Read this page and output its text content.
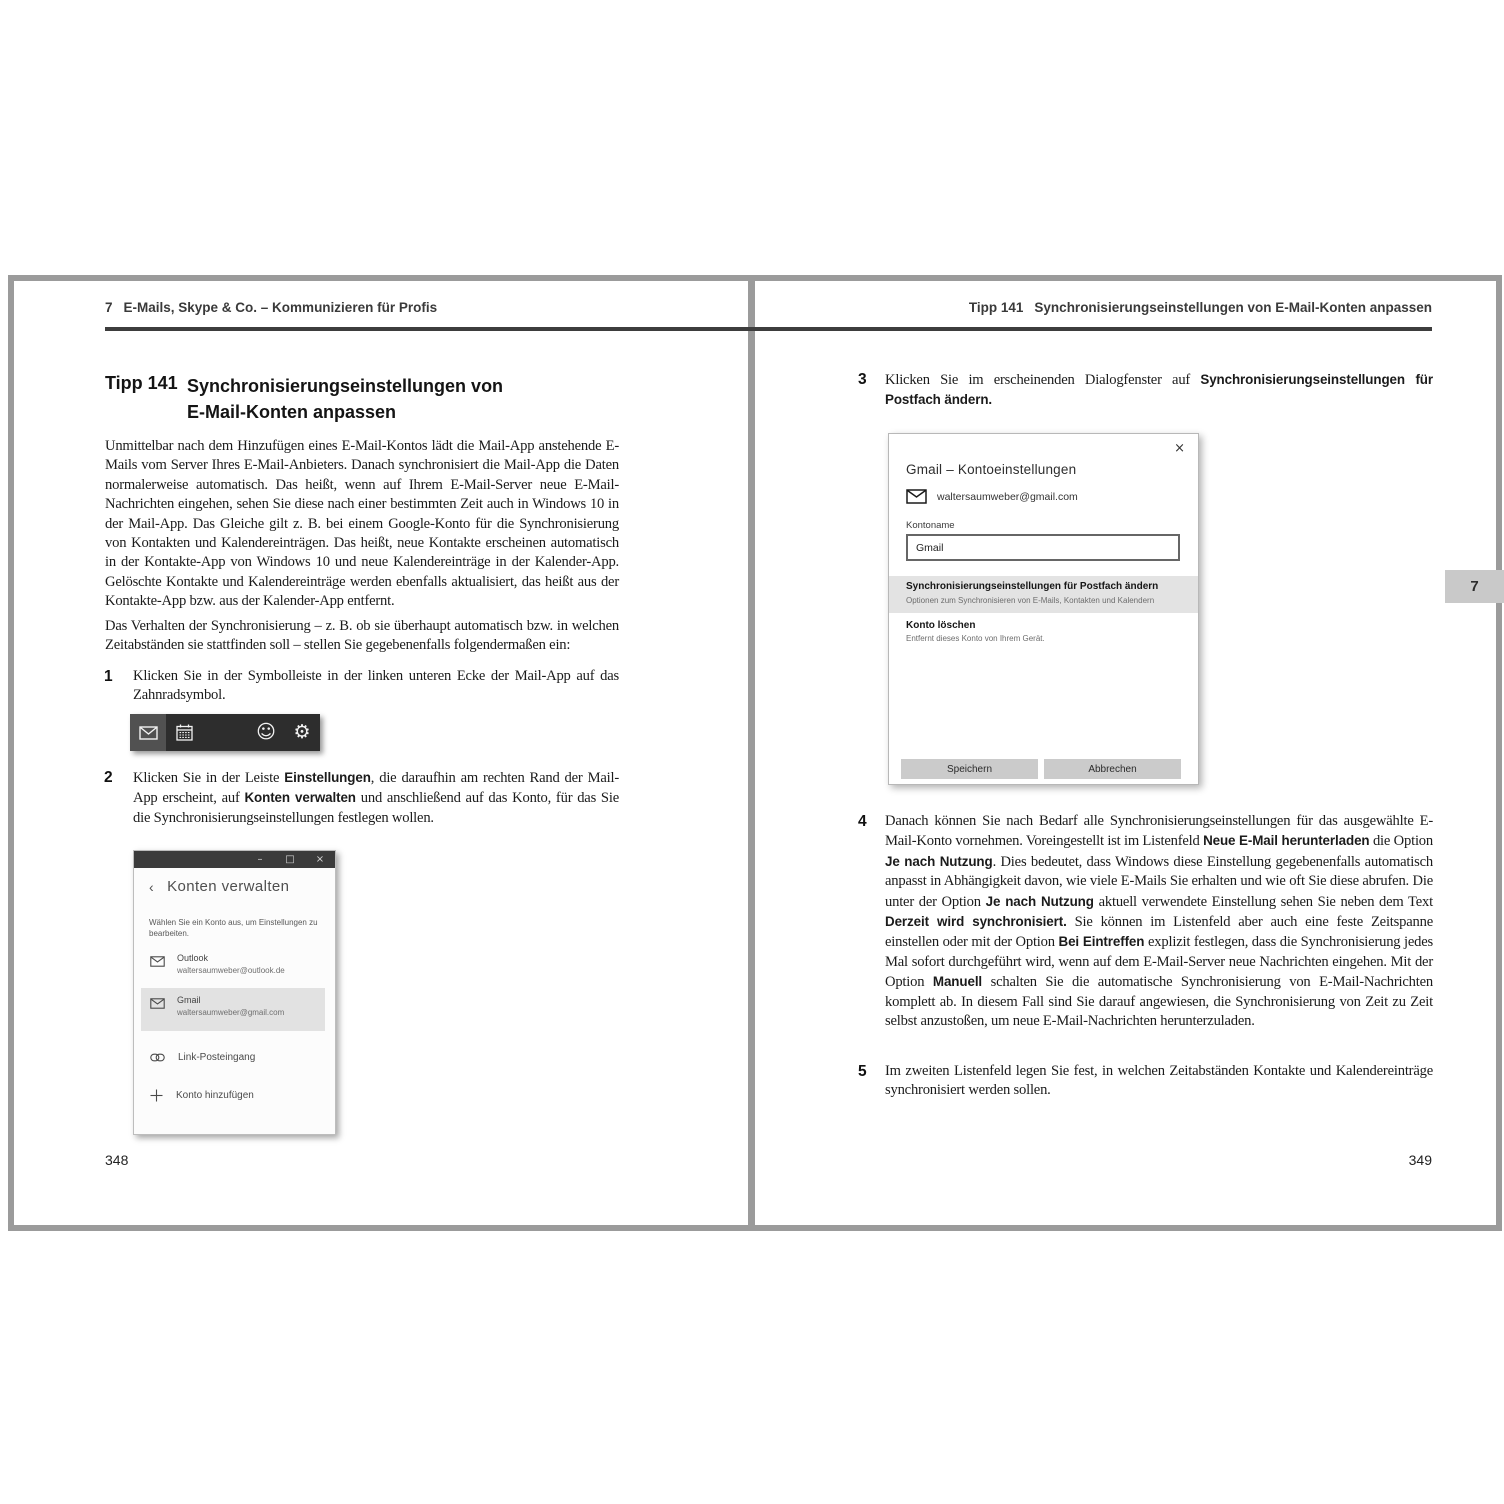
7
7 E-Mails, Skype & Co. – Kommunizieren für Profis
Tipp 141 Synchronisierungseinstellungen von
E-Mail-Konten anpassen
Unmittelbar nach dem Hinzufügen eines E-Mail-Kontos lädt die Mail-App anstehende E-Mails vom Server Ihres E-Mail-Anbieters. Danach synchronisiert die Mail-App die Daten normalerweise automatisch. Das heißt, wenn auf Ihrem E-Mail-Server neue E-Mail-Nachrichten eingehen, sehen Sie diese nach einer bestimmten Zeit auch in Windows 10 in der Mail-App. Das Gleiche gilt z. B. bei einem Google-Konto für die Synchronisierung von Kontakten und Kalendereinträgen. Das heißt, neue Kontakte erscheinen automatisch in der Kontakte-App von Windows 10 und neue Kalendereinträge in der Kalender-App. Gelöschte Kontakte und Kalendereinträge werden ebenfalls aktualisiert, das heißt aus der Kontakte-App bzw. aus der Kalender-App entfernt.
Das Verhalten der Synchronisierung – z. B. ob sie überhaupt automatisch bzw. in welchen Zeitabständen sie stattfinden soll – stellen Sie gegebenenfalls folgendermaßen ein:
1 Klicken Sie in der Symbolleiste in der linken unteren Ecke der Mail-App auf das Zahnradsymbol.
☺ ⚙
2 Klicken Sie in der Leiste Einstellungen, die daraufhin am rechten Rand der Mail-App erscheint, auf Konten verwalten und anschließend auf das Konto, für das Sie die Synchronisierungseinstellungen festlegen wollen.
–	□	×
‹ Konten verwalten
Wählen Sie ein Konto aus, um Einstellungen zu bearbeiten.
Outlook
waltersaumweber@outlook.de
Gmail
waltersaumweber@gmail.com
Link-Posteingang
Konto hinzufügen
348
Tipp 141 Synchronisierungseinstellungen von E-Mail-Konten anpassen
3 Klicken Sie im erscheinenden Dialogfenster auf Synchronisierungseinstellungen für Postfach ändern.
×
Gmail – Kontoeinstellungen
waltersaumweber@gmail.com
Kontoname
Gmail
Synchronisierungseinstellungen für Postfach ändern
Optionen zum Synchronisieren von E-Mails, Kontakten und Kalendern
Konto löschen
Entfernt dieses Konto von Ihrem Gerät.
Speichern	Abbrechen
4 Danach können Sie nach Bedarf alle Synchronisierungseinstellungen für das ausgewählte E-Mail-Konto vornehmen. Voreingestellt ist im Listenfeld Neue E-Mail herunterladen die Option Je nach Nutzung. Dies bedeutet, dass Windows diese Einstellung gegebenenfalls automatisch anpasst in Abhängigkeit davon, wie viele E-Mails Sie erhalten und wie oft Sie diese abrufen. Die unter der Option Je nach Nutzung aktuell verwendete Einstellung sehen Sie neben dem Text Derzeit wird synchronisiert. Sie können im Listenfeld aber auch eine feste Zeitspanne einstellen oder mit der Option Bei Eintreffen explizit festlegen, dass die Synchronisierung jedes Mal sofort durchgeführt wird, wenn auf dem E-Mail-Server neue Nachrichten eingehen. Mit der Option Manuell schalten Sie die automatische Synchronisierung von E-Mail-Nachrichten komplett ab. In diesem Fall sind Sie darauf angewiesen, die Synchronisierung von Zeit zu Zeit selbst anzustoßen, um neue E-Mail-Nachrichten herunterzuladen.
5 Im zweiten Listenfeld legen Sie fest, in welchen Zeitabständen Kontakte und Kalendereinträge synchronisiert werden sollen.
349
